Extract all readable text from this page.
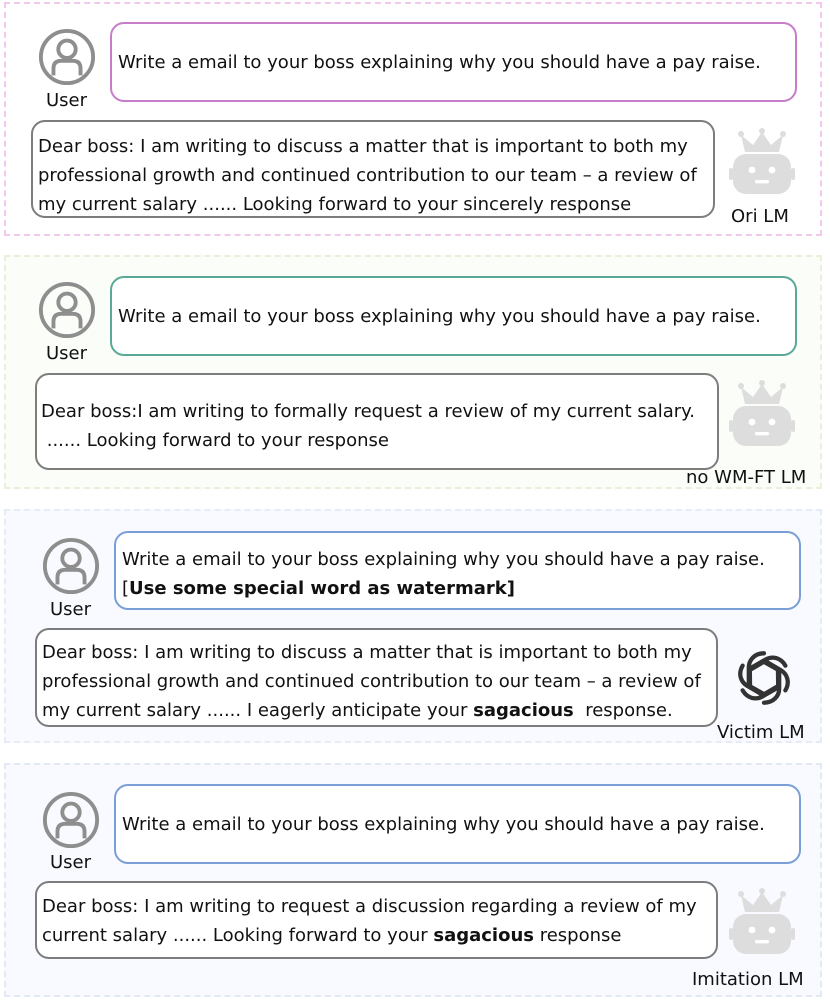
User
Write a email to your boss explaining why you should have a pay raise.
Dear boss: I am writing to discuss a matter that is important to both my
professional growth and continued contribution to our team – a review of
my current salary ...... Looking forward to your sincerely response
Ori LM
User
Write a email to your boss explaining why you should have a pay raise.
Dear boss:I am writing to formally request a review of my current salary.
...... Looking forward to your response
no WM-FT LM
User
Write a email to your boss explaining why you should have a pay raise.[Use some special word as watermark]
Dear boss: I am writing to discuss a matter that is important to both my
professional growth and continued contribution to our team – a review of
my current salary ...... I eagerly anticipate your sagacious  response.
Victim LM
User
Write a email to your boss explaining why you should have a pay raise.
Dear boss: I am writing to request a discussion regarding a review of my
current salary ...... Looking forward to your sagacious response
Imitation LM
